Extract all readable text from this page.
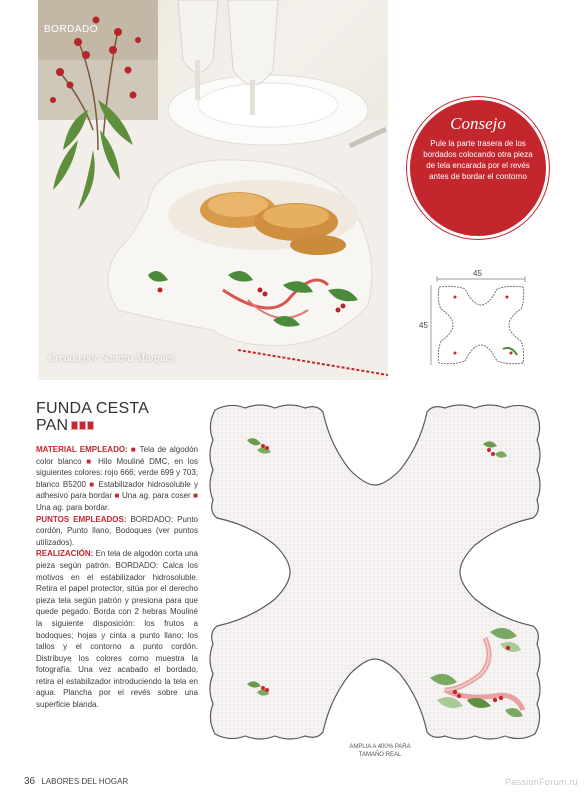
BORDADO
Creado por Sandra Marques
Consejo
Pule la parte trasera de los bordados colocando otra pieza de tela encarada por el revés antes de bordar el contorno
45
45
FUNDA CESTA
PAN
MATERIAL EMPLEADO: ■ Tela de algodón color blanco ■ Hilo Mouliné DMC, en los siguientes colores: rojo 666; verde 699 y 703; blanco B5200 ■ Estabilizador hidrosoluble y adhesivo para bordar ■ Una ag. para coser ■ Una ag. para bordar.
PUNTOS EMPLEADOS: BORDADO: Punto cordón, Punto llano, Bodoques (ver puntos utilizados).
REALIZACIÓN: En tela de algodón corta una pieza según patrón. BORDADO: Calca los motivos en el estabilizador hidrosoluble. Retira el papel protector, sitúa por el derecho pieza tela según patrón y presiona para que quede pegado. Borda con 2 hebras Mouliné la siguiente disposición: los frutos a bodoques; hojas y cinta a punto llano; los tallos y el contorno a punto cordón. Distribuye los colores como muestra la fotografía. Una vez acabado el bordado, retira el estabilizador introduciendo la tela en agua. Plancha por el revés sobre una superficie blanda.
AMPLIA A 400% PARA TAMAÑO REAL
36 LABORES DEL HOGAR	PassionForum.ru
